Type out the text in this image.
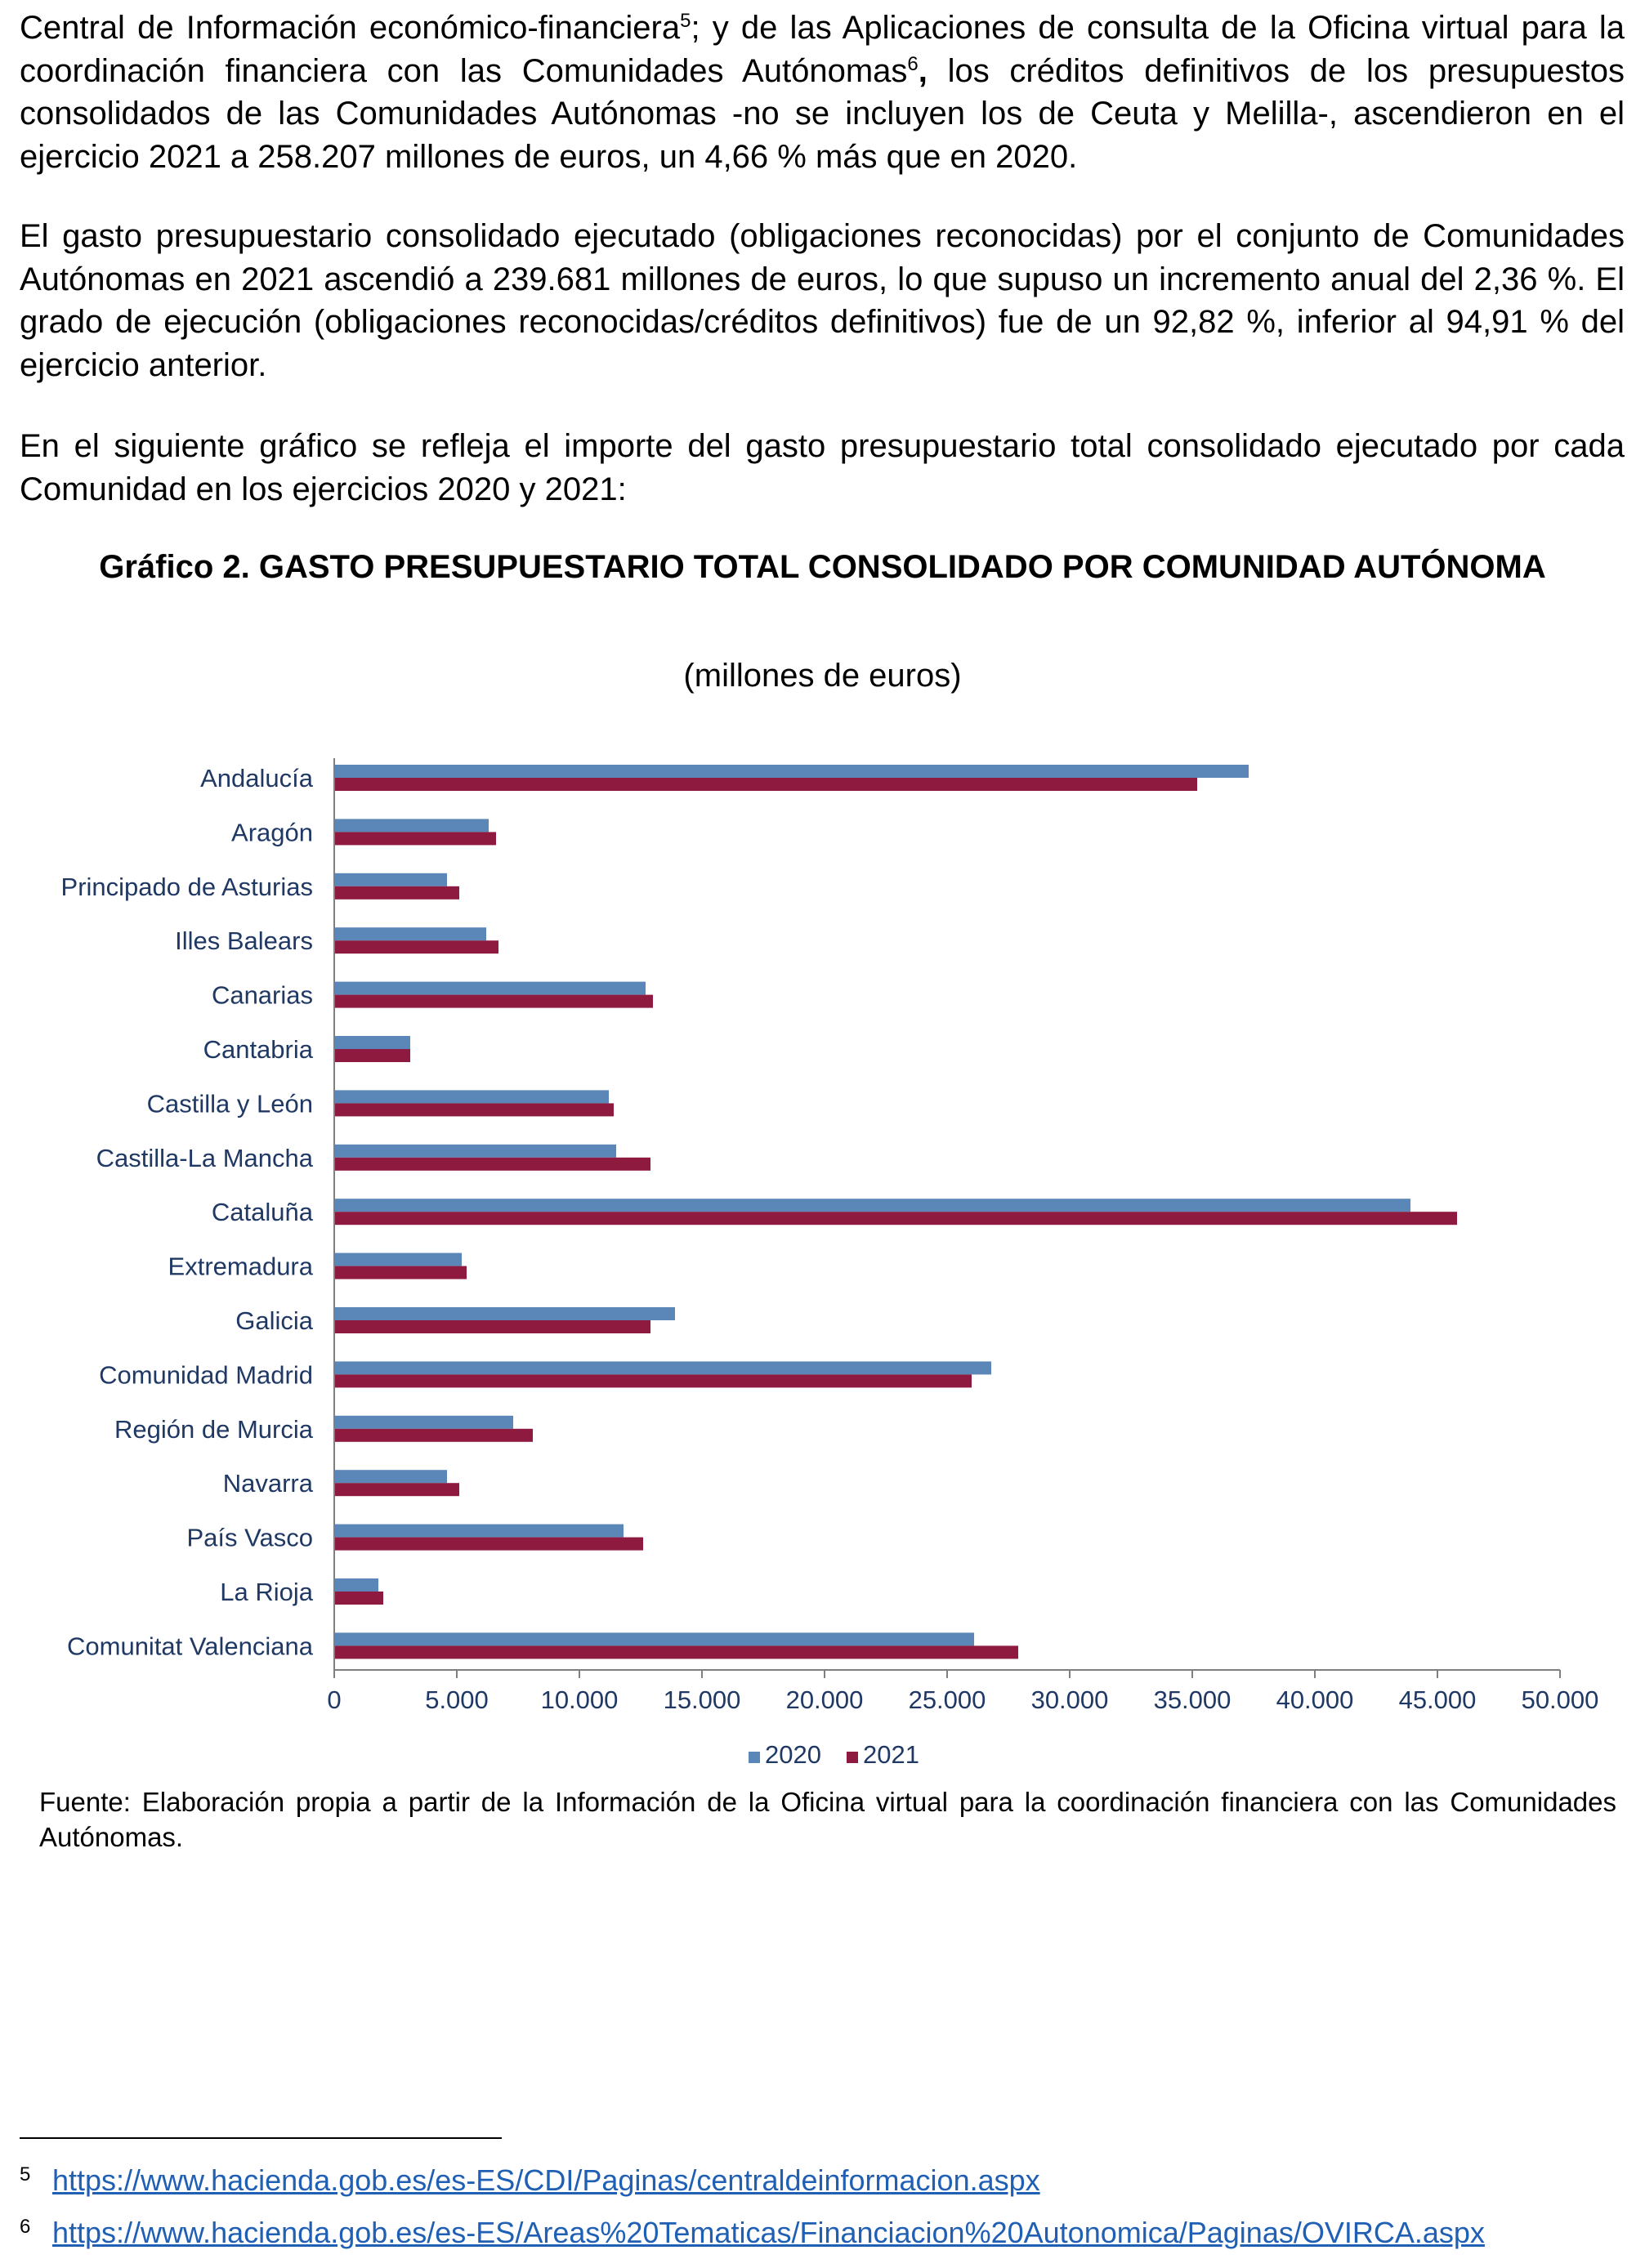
Central de Información económico-financiera$^5$; y de las Aplicaciones de consulta de la Oficina virtual para la coordinación financiera con las Comunidades Autónomas$^6$, los créditos definitivos de los presupuestos consolidados de las Comunidades Autónomas -no se incluyen los de Ceuta y Melilla-, ascendieron en el ejercicio 2021 a 258.207 millones de euros, un 4,66 % más que en 2020.

El gasto presupuestario consolidado ejecutado (obligaciones reconocidas) por el conjunto de Comunidades Autónomas en 2021 ascendió a 239.681 millones de euros, lo que supuso un incremento anual del 2,36 %. El grado de ejecución (obligaciones reconocidas/créditos definitivos) fue de un 92,82 %, inferior al 94,91 % del ejercicio anterior.

En el siguiente gráfico se refleja el importe del gasto presupuestario total consolidado ejecutado por cada Comunidad en los ejercicios 2020 y 2021:

Gráfico 2. GASTO PRESUPUESTARIO TOTAL CONSOLIDADO POR COMUNIDAD AUTÓNOMA

(millones de euros)

Andalucía
Aragón
Principado de Asturias
Illes Balears
Canarias
Cantabria
Castilla y León
Castilla-La Mancha
Cataluña
Extremadura
Galicia
Comunidad Madrid
Región de Murcia
Navarra
País Vasco
La Rioja
Comunitat Valenciana
0	5.000 10.000 15.000 20.000 25.000 30.000 35.000 40.000 45.000 50.000
2020 2021

Fuente: Elaboración propia a partir de la Información de la Oficina virtual para la coordinación financiera con las Comunidades Autónomas.

5 https://www.hacienda.gob.es/es-ES/CDI/Paginas/centraldeinformacion.aspx

6 https://www.hacienda.gob.es/es-ES/Areas%20Tematicas/Financiacion%20Autonomica/Paginas/OVIRCA.aspx
